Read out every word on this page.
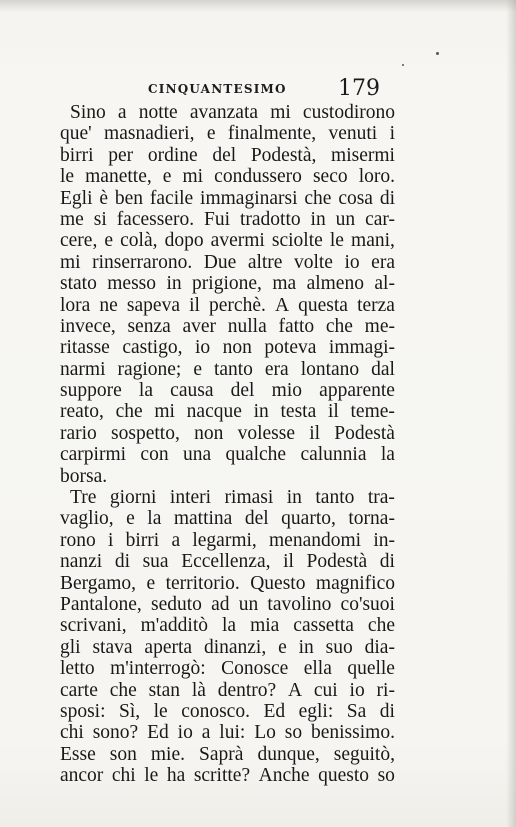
CINQUANTESIMO 179
Sino a notte avanzata mi custodirono
que' masnadieri, e finalmente, venuti i
birri per ordine del Podestà, misermi
le manette, e mi condussero seco loro.
Egli è ben facile immaginarsi che cosa di
me si facessero. Fui tradotto in un car-
cere, e colà, dopo avermi sciolte le mani,
mi rinserrarono. Due altre volte io era
stato messo in prigione, ma almeno al-
lora ne sapeva il perchè. A questa terza
invece, senza aver nulla fatto che me-
ritasse castigo, io non poteva immagi-
narmi ragione; e tanto era lontano dal
suppore la causa del mio apparente
reato, che mi nacque in testa il teme-
rario sospetto, non volesse il Podestà
carpirmi con una qualche calunnia la
borsa.
Tre giorni interi rimasi in tanto tra-
vaglio, e la mattina del quarto, torna-
rono i birri a legarmi, menandomi in-
nanzi di sua Eccellenza, il Podestà di
Bergamo, e territorio. Questo magnifico
Pantalone, seduto ad un tavolino co'suoi
scrivani, m'additò la mia cassetta che
gli stava aperta dinanzi, e in suo dia-
letto m'interrogò: Conosce ella quelle
carte che stan là dentro? A cui io ri-
sposi: Sì, le conosco. Ed egli: Sa di
chi sono? Ed io a lui: Lo so benissimo.
Esse son mie. Saprà dunque, seguitò,
ancor chi le ha scritte? Anche questo so
